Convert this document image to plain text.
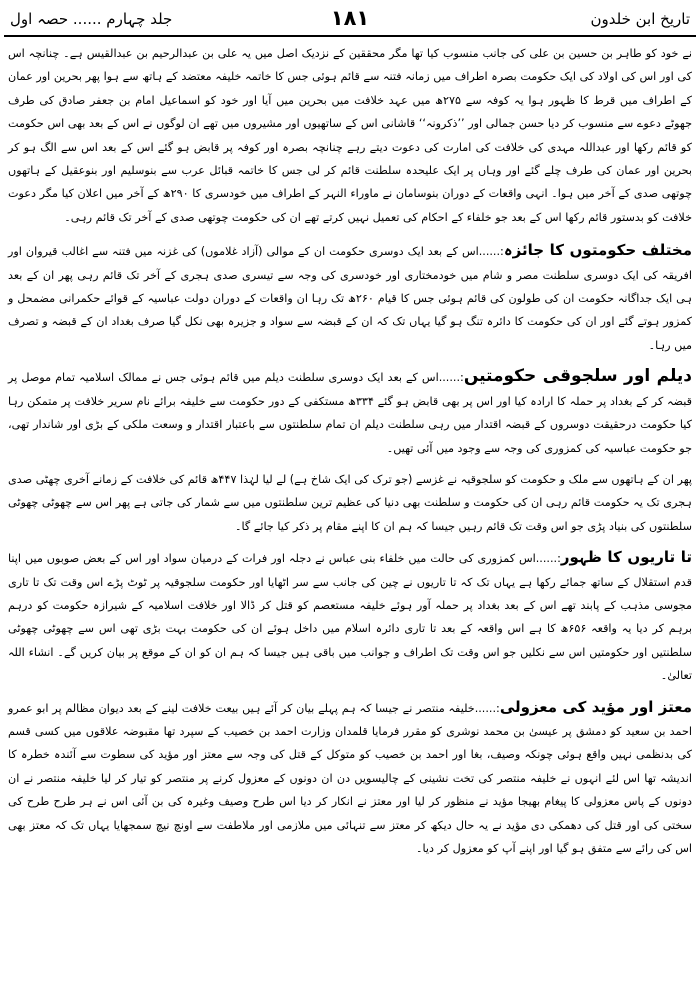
تاریخ ابن خلدون
۱۸۱
جلد چہارم ...... حصہ اول

نے خود کو طاہر بن حسین بن علی کی جانب منسوب کیا تھا مگر محققین کے نزدیک اصل میں یہ علی بن عبدالرحیم بن عبدالقیس ہے۔ چنانچہ اس کی اور اس کی اولاد کی ایک حکومت بصرہ اطراف میں زمانہ فتنہ سے قائم ہوئی جس کا خاتمہ خلیفہ معتضد کے ہاتھ سے ہوا پھر بحرین اور عمان کے اطراف میں قرط کا ظہور ہوا یہ کوفہ سے ۲۷۵ھ میں عہد خلافت میں بحرین میں آیا اور خود کو اسماعیل امام بن جعفر صادق کی طرف جھوٹے دعوے سے منسوب کر دیا حسن جمالی اور ’’ذکرونہ‘‘ قاشانی اس کے ساتھیوں اور مشیروں میں تھے ان لوگوں نے اس کے بعد بھی اس حکومت کو قائم رکھا اور عبداللہ مہدی کی خلافت کی امارت کی دعوت دیتے رہے چنانچہ بصرہ اور کوفہ پر قابض ہو گئے اس کے بعد اس سے الگ ہو کر بحرین اور عمان کی طرف چلے گئے اور وہاں پر ایک علیحدہ سلطنت قائم کر لی جس کا خاتمہ قبائل عرب سے بنوسلیم اور بنوعقیل کے ہاتھوں چوتھی صدی کے آخر میں ہوا۔ انہی واقعات کے دوران بنوسامان نے ماوراء النہر کے اطراف میں خودسری کا ۲۹۰ھ کے آخر میں اعلان کیا مگر دعوت خلافت کو بدستور قائم رکھا اس کے بعد جو خلفاء کے احکام کی تعمیل نہیں کرتے تھے ان کی حکومت چوتھی صدی کے آخر تک قائم رہی۔

مختلف حکومتوں کا جائزہ:......اس کے بعد ایک دوسری حکومت ان کے موالی (آزاد غلاموں) کی غزنہ میں فتنہ سے اغالب قیروان اور افریقہ کی ایک دوسری سلطنت مصر و شام میں خودمختاری اور خودسری کی وجہ سے تیسری صدی ہجری کے آخر تک قائم رہی پھر ان کے بعد ہی ایک جداگانہ حکومت ان کی طولون کی قائم ہوئی جس کا قیام ۲۶۰ھ تک رہا ان واقعات کے دوران دولت عباسیہ کے قوائے حکمرانی مضمحل و کمزور ہوتے گئے اور ان کی حکومت کا دائرہ تنگ ہو گیا یہاں تک کہ ان کے قبضہ سے سواد و جزیرہ بھی نکل گیا صرف بغداد ان کے قبضہ و تصرف میں رہا۔

دیلم اور سلجوقی حکومتیں:......اس کے بعد ایک دوسری سلطنت دیلم میں قائم ہوئی جس نے ممالک اسلامیہ تمام موصل پر قبضہ کر کے بغداد پر حملہ کا ارادہ کیا اور اس پر بھی قابض ہو گئے ۳۳۴ھ مستکفی کے دور حکومت سے خلیفہ برائے نام سریر خلافت پر متمکن رہا کیا حکومت درحقیقت دوسروں کے قبضہ اقتدار میں رہی سلطنت دیلم ان تمام سلطنتوں سے باعتبار اقتدار و وسعت ملکی کے بڑی اور شاندار تھی، جو حکومت عباسیہ کی کمزوری کی وجہ سے وجود میں آئی تھیں۔

پھر ان کے ہاتھوں سے ملک و حکومت کو سلجوقیہ نے غزسے (جو ترک کی ایک شاخ ہے) لے لیا لہٰذا ۴۴۷ھ قائم کی خلافت کے زمانے آخری چھٹی صدی ہجری تک یہ حکومت قائم رہی ان کی حکومت و سلطنت بھی دنیا کی عظیم ترین سلطنتوں میں سے شمار کی جاتی ہے پھر اس سے چھوٹی چھوٹی سلطنتوں کی بنیاد پڑی جو اس وقت تک قائم رہیں جیسا کہ ہم ان کا اپنے مقام پر ذکر کیا جائے گا۔

تا تاریوں کا ظہور:......اس کمزوری کی حالت میں خلفاء بنی عباس نے دجلہ اور فرات کے درمیان سواد اور اس کے بعض صوبوں میں اپنا قدم استقلال کے ساتھ جمائے رکھا ہے یہاں تک کہ تا تاریوں نے چین کی جانب سے سر اٹھایا اور حکومت سلجوقیہ پر ٹوٹ پڑے اس وقت تک تا تاری مجوسی مذہب کے پابند تھے اس کے بعد بغداد پر حملہ آور ہوئے خلیفہ مستعصم کو قتل کر ڈالا اور خلافت اسلامیہ کے شیرازہ حکومت کو درہم برہم کر دیا یہ واقعہ ۶۵۶ھ کا ہے اس واقعہ کے بعد تا تاری دائرہ اسلام میں داخل ہوئے ان کی حکومت بہت بڑی تھی اس سے چھوٹی چھوٹی سلطنتیں اور حکومتیں اس سے نکلیں جو اس وقت تک اطراف و جوانب میں باقی ہیں جیسا کہ ہم ان کو ان کے موقع پر بیان کریں گے۔ انشاء اللہ تعالیٰ۔

معتز اور مؤید کی معزولی:......خلیفہ منتصر نے جیسا کہ ہم پہلے بیان کر آئے ہیں بیعت خلافت لینے کے بعد دیوان مظالم پر ابو عمرو احمد بن سعید کو دمشق پر عیسیٰ بن محمد نوشری کو مقرر فرمایا قلمدان وزارت احمد بن خصیب کے سپرد تھا مقبوضہ علاقوں میں کسی قسم کی بدنظمی نہیں واقع ہوئی چونکہ وصیف، بغا اور احمد بن خصیب کو متوکل کے قتل کی وجہ سے معتز اور مؤید کی سطوت سے آئندہ خطرہ کا اندیشہ تھا اس لئے انہوں نے خلیفہ منتصر کی تخت نشینی کے چالیسویں دن ان دونوں کے معزول کرنے پر منتصر کو تیار کر لیا خلیفہ منتصر نے ان دونوں کے پاس معزولی کا پیغام بھیجا مؤید نے منظور کر لیا اور معتز نے انکار کر دیا اس طرح وصیف وغیرہ کی بن آئی اس نے ہر طرح طرح کی سختی کی اور قتل کی دھمکی دی مؤید نے یہ حال دیکھ کر معتز سے تنہائی میں ملازمی اور ملاطفت سے اونچ نیچ سمجھایا یہاں تک کہ معتز بھی اس کی رائے سے متفق ہو گیا اور اپنے آپ کو معزول کر دیا۔
